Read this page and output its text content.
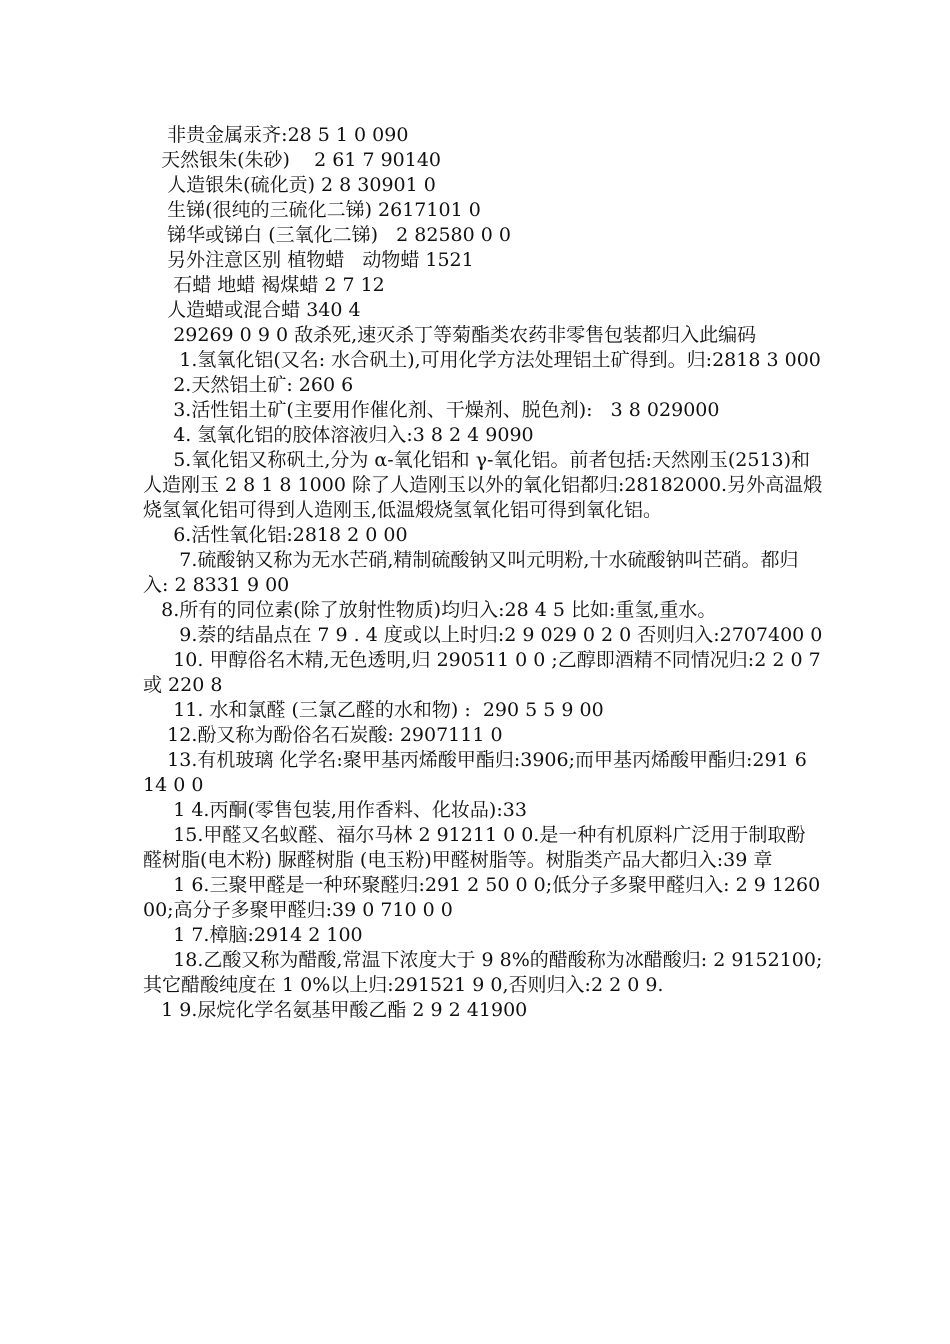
非贵金属汞齐:28 5 1 0 090

天然银朱(朱砂)    2 61 7 90140

人造银朱(硫化贡) 2 8 30901 0

生锑(很纯的三硫化二锑) 2617101 0

锑华或锑白 (三氧化二锑)   2 82580 0 0

另外注意区别 植物蜡   动物蜡 1521

石蜡 地蜡 褐煤蜡 2 7 12

人造蜡或混合蜡 340 4

29269 0 9 0 敌杀死,速灭杀丁等菊酯类农药非零售包装都归入此编码

1.氢氧化铝(又名: 水合矾土),可用化学方法处理铝土矿得到。归:2818 3 000

2.天然铝土矿: 260 6

3.活性铝土矿(主要用作催化剂、干燥剂、脱色剂):   3 8 029000

4. 氢氧化铝的胶体溶液归入:3 8 2 4 9090

5.氧化铝又称矾土,分为 α-氧化铝和 γ-氧化铝。前者包括:天然刚玉(2513)和人造刚玉 2 8 1 8 1000 除了人造刚玉以外的氧化铝都归:28182000.另外高温煅烧氢氧化铝可得到人造刚玉,低温煅烧氢氧化铝可得到氧化铝。

6.活性氧化铝:2818 2 0 00

7.硫酸钠又称为无水芒硝,精制硫酸钠又叫元明粉,十水硫酸钠叫芒硝。都归入: 2 8331 9 00

8.所有的同位素(除了放射性物质)均归入:28 4 5 比如:重氢,重水。

9.萘的结晶点在 7 9 . 4 度或以上时归:2 9 029 0 2 0 否则归入:2707400 0

10. 甲醇俗名木精,无色透明,归 290511 0 0 ;乙醇即酒精不同情况归:2 2 0 7 或 220 8

11. 水和氯醛 (三氯乙醛的水和物) :  290 5 5 9 00

12.酚又称为酚俗名石炭酸: 2907111 0

13.有机玻璃 化学名:聚甲基丙烯酸甲酯归:3906;而甲基丙烯酸甲酯归:291 6 14 0 0

1 4.丙酮(零售包装,用作香料、化妆品):33

15.甲醛又名蚁醛、福尔马林 2 91211 0 0.是一种有机原料广泛用于制取酚醛树脂(电木粉) 脲醛树脂 (电玉粉)甲醛树脂等。树脂类产品大都归入:39 章

1 6.三聚甲醛是一种环聚醛归:291 2 50 0 0;低分子多聚甲醛归入: 2 9 126000;高分子多聚甲醛归:39 0 710 0 0

1 7.樟脑:2914 2 100

18.乙酸又称为醋酸,常温下浓度大于 9 8%的醋酸称为冰醋酸归: 2 9152100;其它醋酸纯度在 1 0%以上归:291521 9 0,否则归入:2 2 0 9.

1 9.尿烷化学名氨基甲酸乙酯 2 9 2 41900
